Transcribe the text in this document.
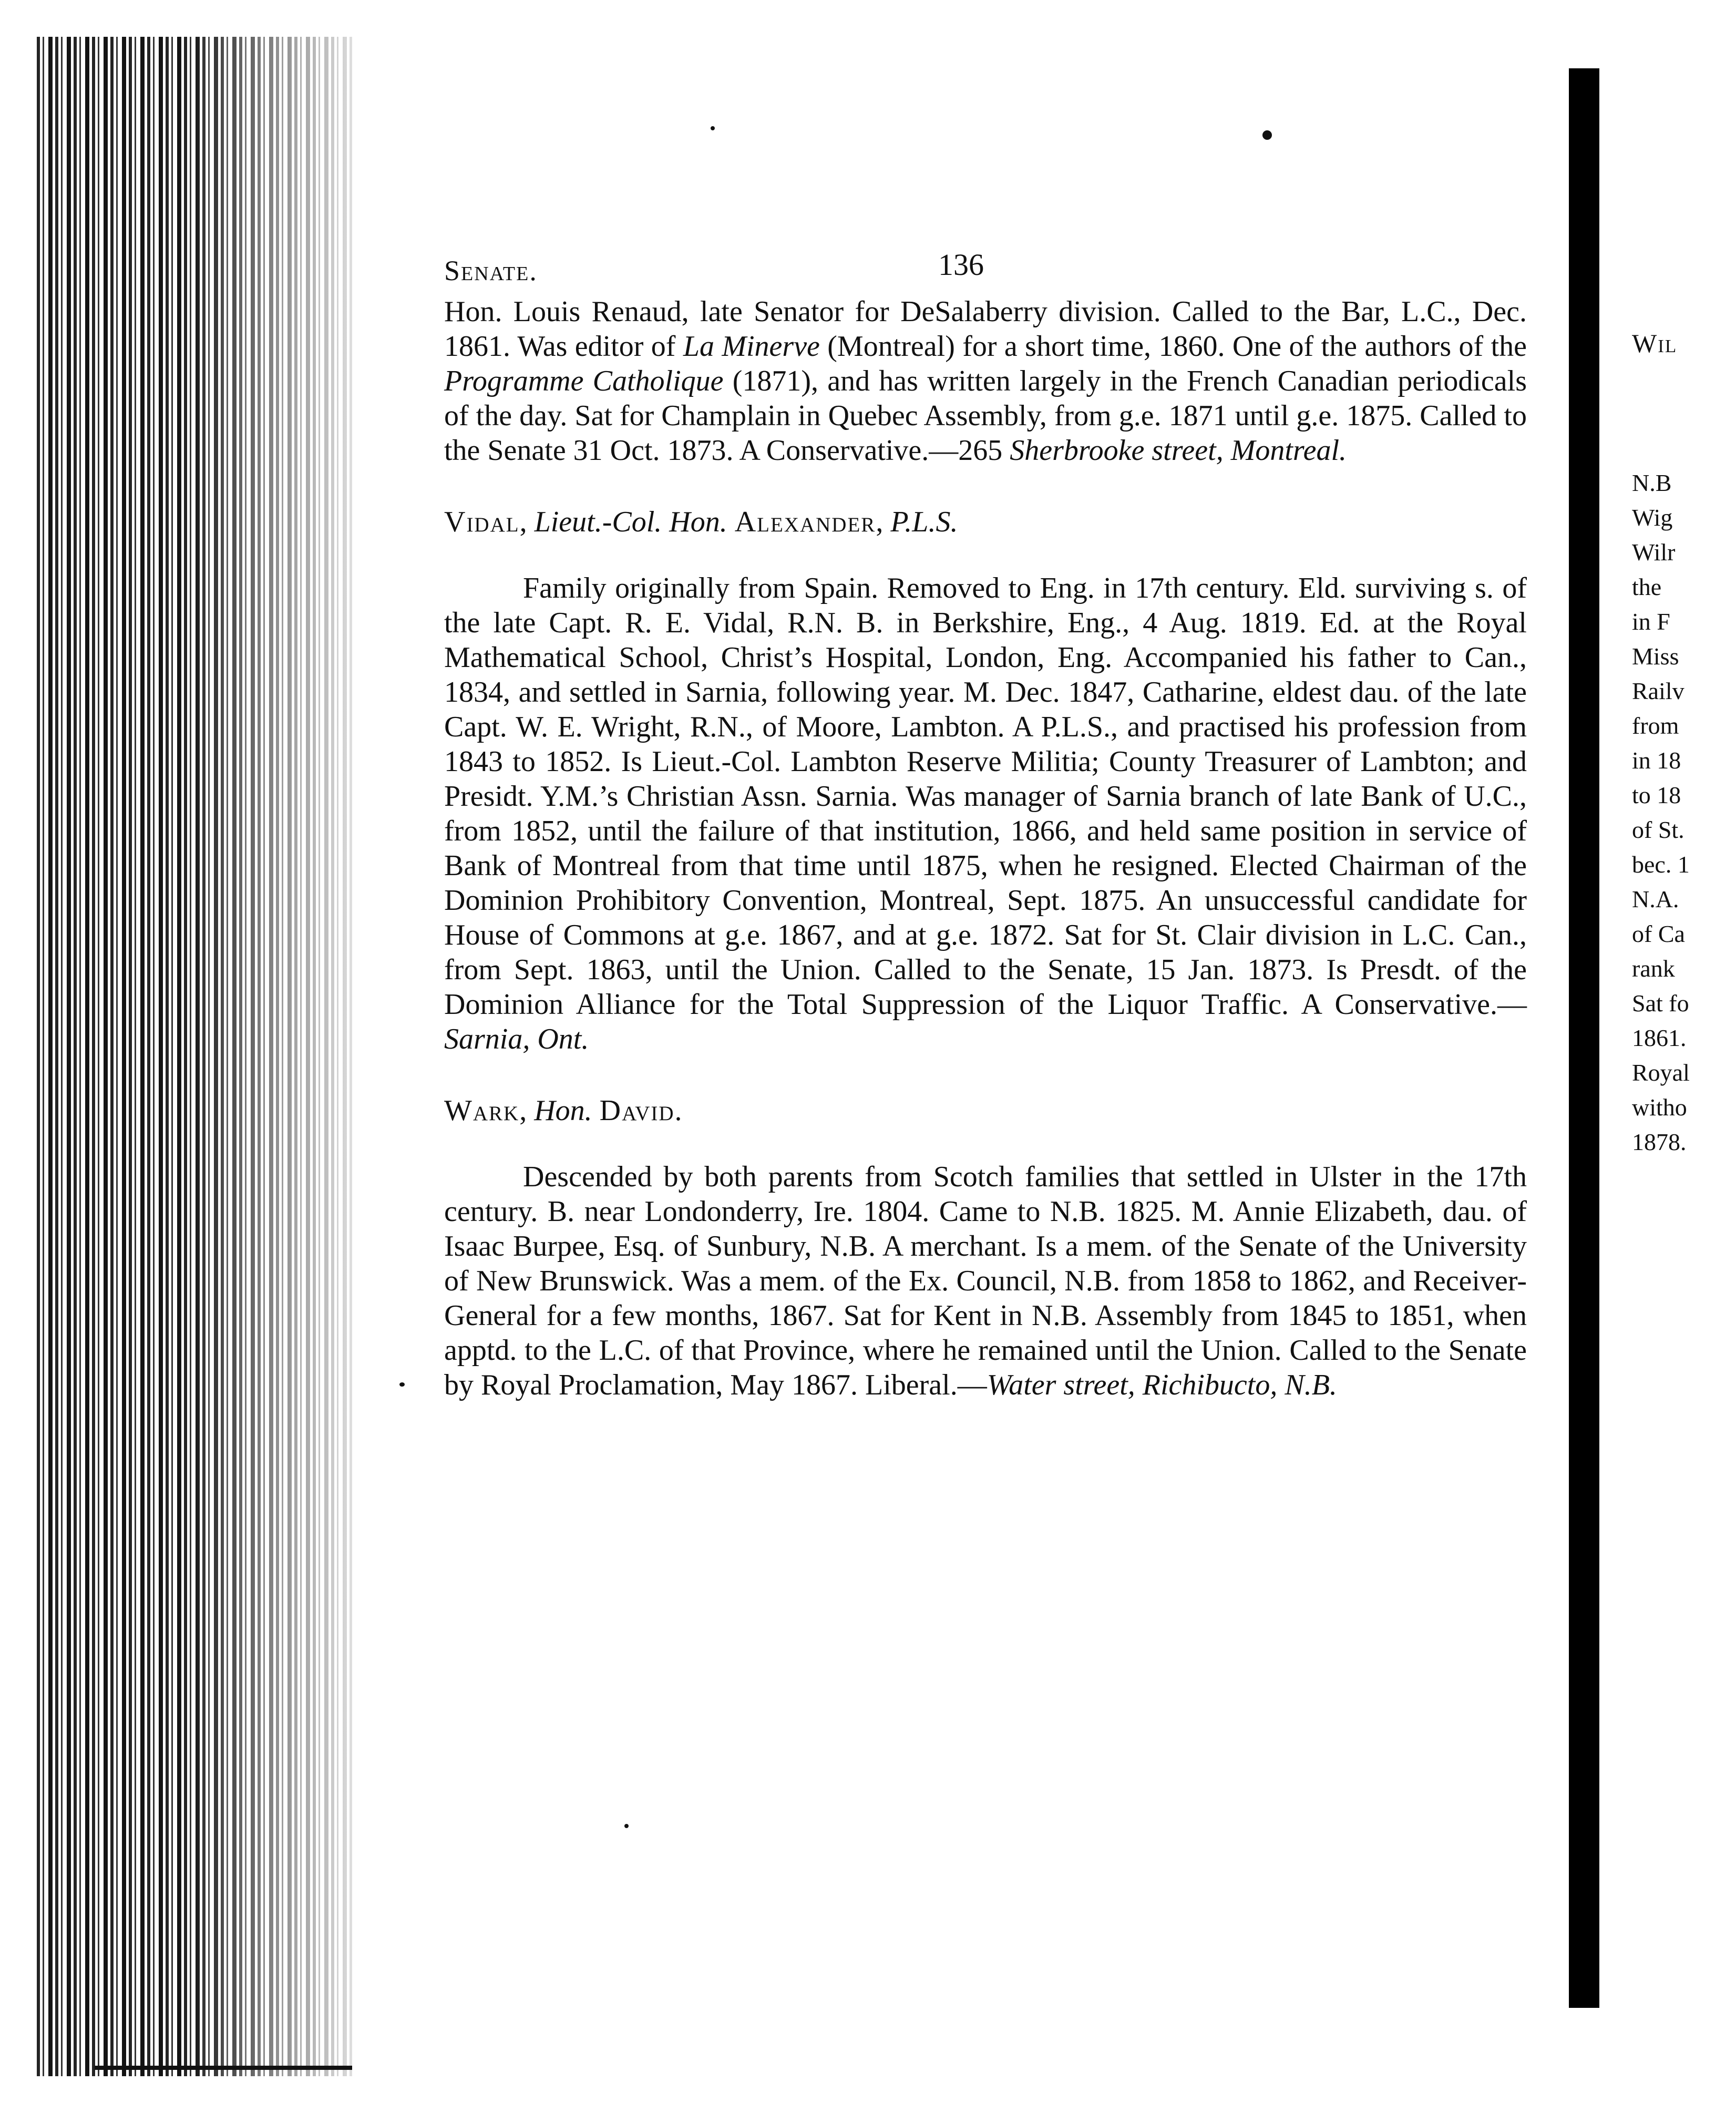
Senate.	136

Hon. Louis Renaud, late Senator for DeSalaberry division. Called to the Bar, L.C., Dec. 1861. Was editor of La Minerve (Montreal) for a short time, 1860. One of the authors of the Programme Catholique (1871), and has written largely in the French Canadian periodicals of the day. Sat for Champlain in Quebec Assembly, from g.e. 1871 until g.e. 1875. Called to the Senate 31 Oct. 1873. A Conservative.—265 Sherbrooke street, Montreal.

Vidal, Lieut.-Col. Hon. Alexander, P.L.S.

Family originally from Spain. Removed to Eng. in 17th century. Eld. surviving s. of the late Capt. R. E. Vidal, R.N. B. in Berkshire, Eng., 4 Aug. 1819. Ed. at the Royal Mathematical School, Christ’s Hospital, London, Eng. Accompanied his father to Can., 1834, and settled in Sarnia, following year. M. Dec. 1847, Catharine, eldest dau. of the late Capt. W. E. Wright, R.N., of Moore, Lambton. A P.L.S., and practised his profession from 1843 to 1852. Is Lieut.-Col. Lambton Reserve Militia; County Treasurer of Lambton; and Presidt. Y.M.’s Christian Assn. Sarnia. Was manager of Sarnia branch of late Bank of U.C., from 1852, until the failure of that institution, 1866, and held same position in service of Bank of Montreal from that time until 1875, when he resigned. Elected Chairman of the Dominion Prohibitory Convention, Montreal, Sept. 1875. An unsuccessful candidate for House of Commons at g.e. 1867, and at g.e. 1872. Sat for St. Clair division in L.C. Can., from Sept. 1863, until the Union. Called to the Senate, 15 Jan. 1873. Is Presdt. of the Dominion Alliance for the Total Suppression of the Liquor Traffic. A Conservative.—Sarnia, Ont.

Wark, Hon. David.

Descended by both parents from Scotch families that settled in Ulster in the 17th century. B. near Londonderry, Ire. 1804. Came to N.B. 1825. M. Annie Elizabeth, dau. of Isaac Burpee, Esq. of Sunbury, N.B. A merchant. Is a mem. of the Senate of the University of New Brunswick. Was a mem. of the Ex. Council, N.B. from 1858 to 1862, and Receiver-General for a few months, 1867. Sat for Kent in N.B. Assembly from 1845 to 1851, when apptd. to the L.C. of that Province, where he remained until the Union. Called to the Senate by Royal Proclamation, May 1867. Liberal.—Water street, Richibucto, N.B.

Wil
N.B
Wig
Wilr
the
in F
Miss
Railv
from
in 18
to 18
of St.
bec. 1
N.A.
of Ca
rank
Sat fo
1861.
Royal
witho
1878.
